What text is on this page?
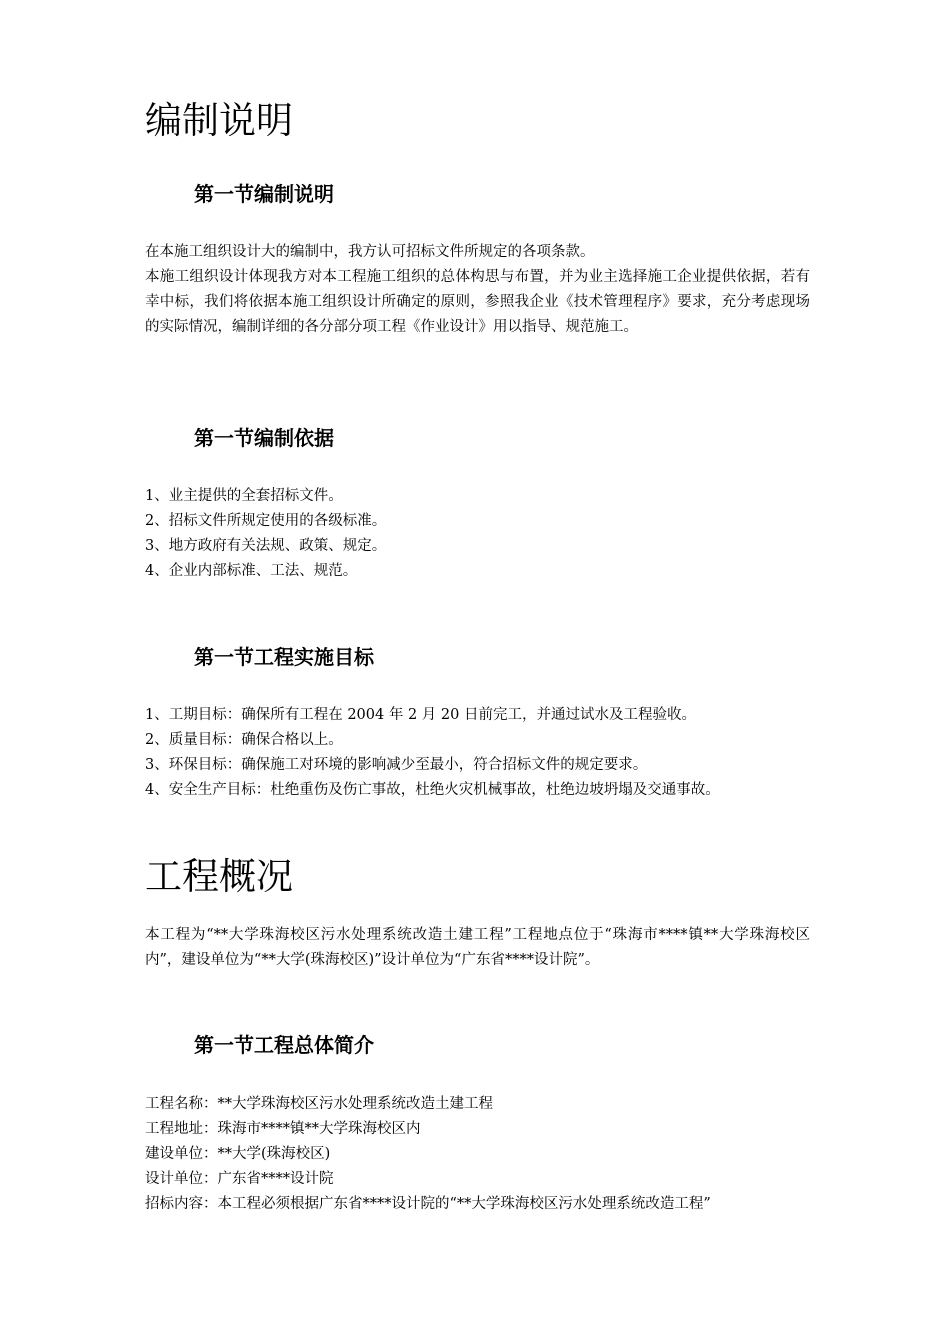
编制说明
第一节编制说明
在本施工组织设计大的编制中，我方认可招标文件所规定的各项条款。
本施工组织设计体现我方对本工程施工组织的总体构思与布置，并为业主选择施工企业提供依据，若有幸中标，我们将依据本施工组织设计所确定的原则，参照我企业《技术管理程序》要求，充分考虑现场的实际情况，编制详细的各分部分项工程《作业设计》用以指导、规范施工。
第一节编制依据
1、业主提供的全套招标文件。
2、招标文件所规定使用的各级标准。
3、地方政府有关法规、政策、规定。
4、企业内部标准、工法、规范。
第一节工程实施目标
1、工期目标：确保所有工程在 2004 年 2 月 20 日前完工，并通过试水及工程验收。
2、质量目标：确保合格以上。
3、环保目标：确保施工对环境的影响减少至最小，符合招标文件的规定要求。
4、安全生产目标：杜绝重伤及伤亡事故，杜绝火灾机械事故，杜绝边坡坍塌及交通事故。
工程概况
本工程为“**大学珠海校区污水处理系统改造土建工程”工程地点位于“珠海市****镇**大学珠海校区内”，建设单位为“**大学(珠海校区)”设计单位为“广东省****设计院”。
第一节工程总体简介
工程名称：**大学珠海校区污水处理系统改造土建工程
工程地址：珠海市****镇**大学珠海校区内
建设单位：**大学(珠海校区)
设计单位：广东省****设计院
招标内容：本工程必须根据广东省****设计院的“**大学珠海校区污水处理系统改造工程”
